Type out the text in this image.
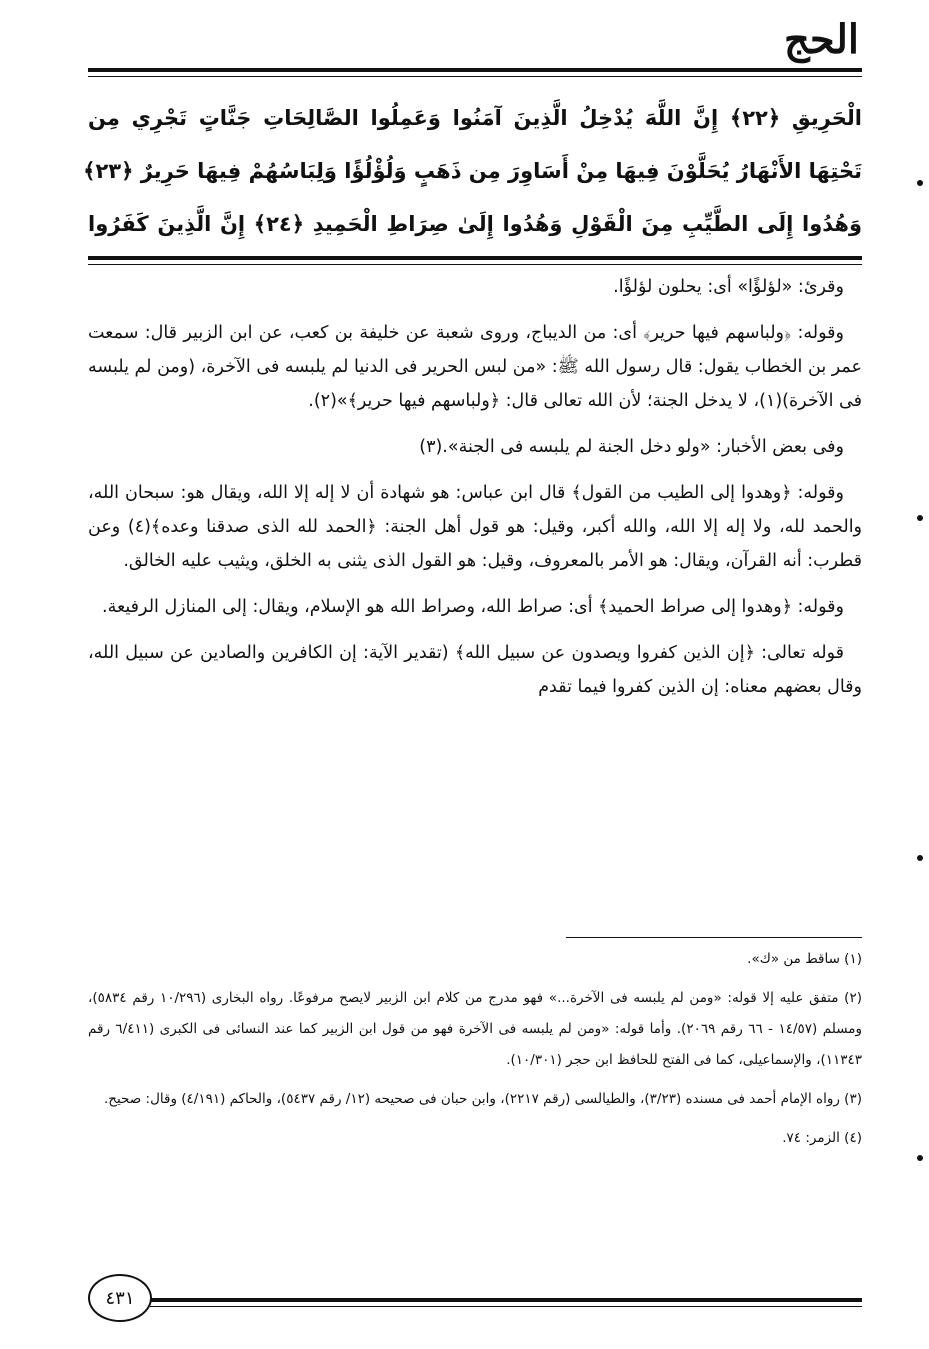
الحج
الْحَرِيقِ ﴿٢٢﴾ إِنَّ اللَّهَ يُدْخِلُ الَّذِينَ آمَنُوا وَعَمِلُوا الصَّالِحَاتِ جَنَّاتٍ تَجْرِي مِن
تَحْتِهَا الأَنْهَارُ يُحَلَّوْنَ فِيهَا مِنْ أَسَاوِرَ مِن ذَهَبٍ وَلُؤْلُؤًا وَلِبَاسُهُمْ فِيهَا حَرِيرٌ ﴿٢٣﴾
وَهُدُوا إِلَى الطَّيِّبِ مِنَ الْقَوْلِ وَهُدُوا إِلَىٰ صِرَاطِ الْحَمِيدِ ﴿٢٤﴾ إِنَّ الَّذِينَ كَفَرُوا

وقرئ: «لؤلؤًا» أى: يحلون لؤلؤًا.

وقوله: ﴿ولباسهم فيها حرير﴾ أى: من الديباج، وروى شعبة عن خليفة بن كعب، عن ابن الزبير قال: سمعت عمر بن الخطاب يقول: قال رسول الله ﷺ: «من لبس الحرير فى الدنيا لم يلبسه فى الآخرة، (ومن لم يلبسه فى الآخرة)(١)، لا يدخل الجنة؛ لأن الله تعالى قال: ﴿ولباسهم فيها حرير﴾»(٢).

وفى بعض الأخبار: «ولو دخل الجنة لم يلبسه فى الجنة».(٣)

وقوله: ﴿وهدوا إلى الطيب من القول﴾ قال ابن عباس: هو شهادة أن لا إله إلا الله، ويقال هو: سبحان الله، والحمد لله، ولا إله إلا الله، والله أكبر، وقيل: هو قول أهل الجنة: ﴿الحمد لله الذى صدقنا وعده﴾(٤) وعن قطرب: أنه القرآن، ويقال: هو الأمر بالمعروف، وقيل: هو القول الذى يثنى به الخلق، ويثيب عليه الخالق.

وقوله: ﴿وهدوا إلى صراط الحميد﴾ أى: صراط الله، وصراط الله هو الإسلام، ويقال: إلى المنازل الرفيعة.

قوله تعالى: ﴿إن الذين كفروا ويصدون عن سبيل الله﴾ (تقدير الآية: إن الكافرين والصادين عن سبيل الله، وقال بعضهم معناه: إن الذين كفروا فيما تقدم

(١) ساقط من «ك».

(٢) متفق عليه إلا قوله: «ومن لم يلبسه فى الآخرة...» فهو مدرج من كلام ابن الزبير لايصح مرفوعًا. رواه البخارى (١٠/٢٩٦ رقم ٥٨٣٤)، ومسلم (١٤/٥٧ - ٦٦ رقم ٢٠٦٩). وأما قوله: «ومن لم يلبسه فى الآخرة فهو من قول ابن الزبير كما عند النسائى فى الكبرى (٦/٤١١ رقم ١١٣٤٣)، والإسماعيلى، كما فى الفتح للحافظ ابن حجر (١٠/٣٠١).

(٣) رواه الإمام أحمد فى مسنده (٣/٢٣)، والطيالسى (رقم ٢٢١٧)، وابن حبان فى صحيحه (١٢/ رقم ٥٤٣٧)، والحاكم (٤/١٩١) وقال: صحيح.

(٤) الزمر: ٧٤.

٤٣١
